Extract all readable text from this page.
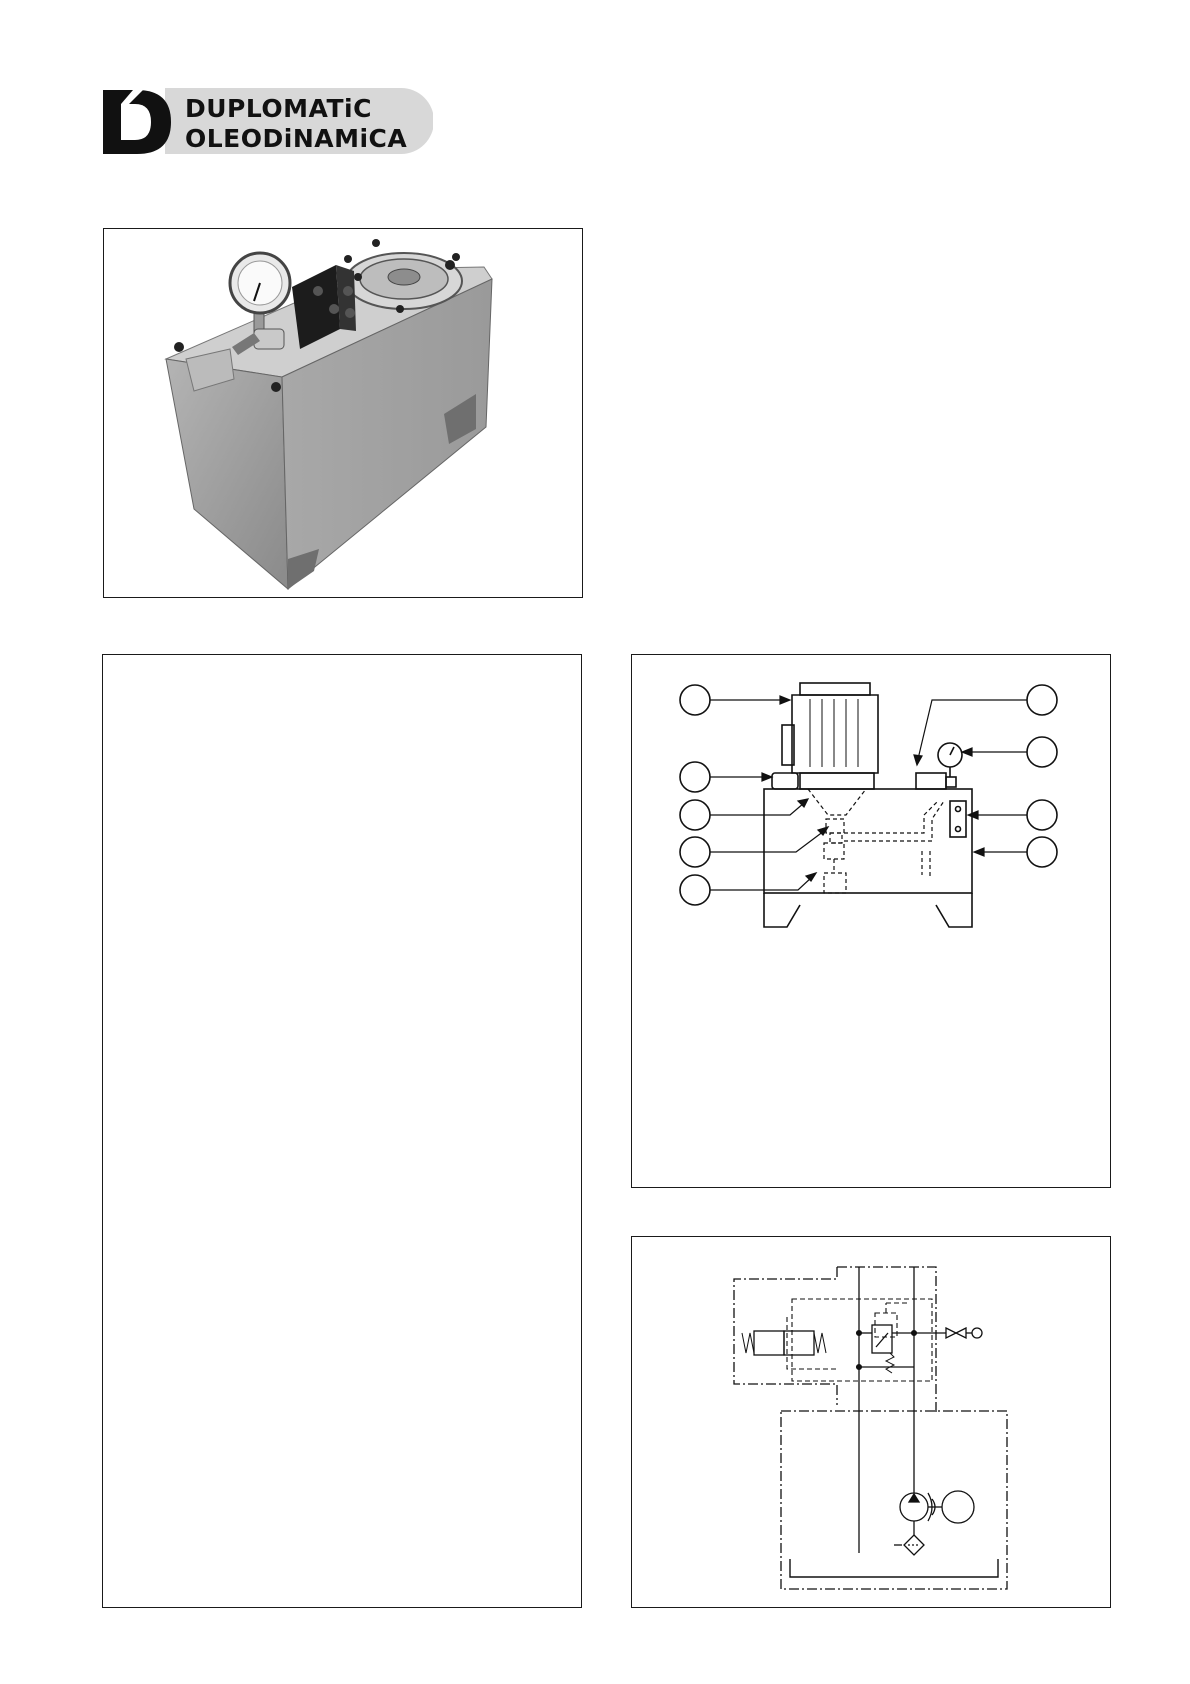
DUPLOMATiC
OLEODiNAMiCA
